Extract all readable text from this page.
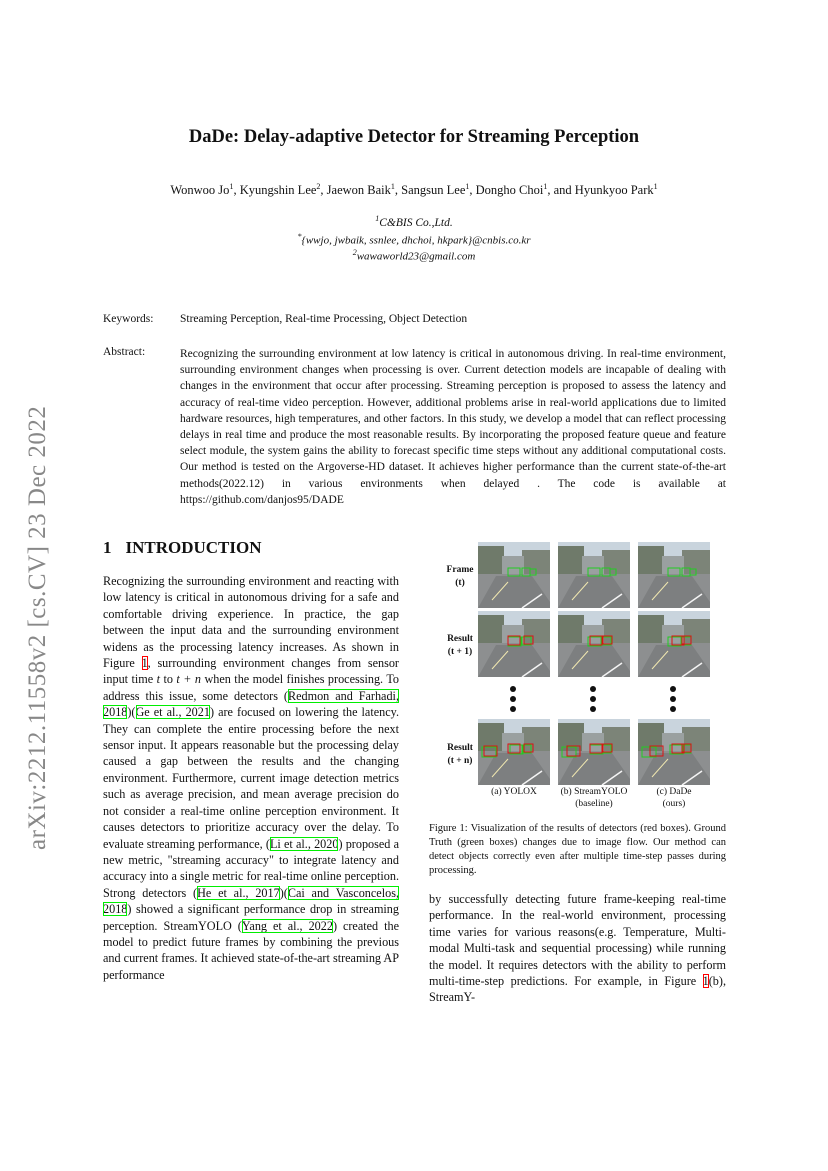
arXiv:2212.11558v2 [cs.CV] 23 Dec 2022
DaDe: Delay-adaptive Detector for Streaming Perception
Wonwoo Jo$^1$, Kyungshin Lee$^2$, Jaewon Baik$^1$, Sangsun Lee$^1$, Dongho Choi$^1$, and Hyunkyoo Park$^1$
$^1$C&BIS Co.,Ltd.
*{wwjo, jwbaik, ssnlee, dhchoi, hkpark}@cnbis.co.kr
$^2$wawaworld23@gmail.com
Keywords: Streaming Perception, Real-time Processing, Object Detection
Abstract:	Recognizing the surrounding environment at low latency is critical in autonomous driving. In real-time environment, surrounding environment changes when processing is over. Current detection models are incapable of dealing with changes in the environment that occur after processing. Streaming perception is proposed to assess the latency and accuracy of real-time video perception. However, additional problems arise in real-world applications due to limited hardware resources, high temperatures, and other factors. In this study, we develop a model that can reflect processing delays in real time and produce the most reasonable results. By incorporating the proposed feature queue and feature select module, the system gains the ability to forecast specific time steps without any additional computational costs. Our method is tested on the Argoverse-HD dataset. It achieves higher performance than the current state-of-the-art methods(2022.12) in various environments when delayed . The code is available at https://github.com/danjos95/DADE
1 INTRODUCTION
Recognizing the surrounding environment and reacting with low latency is critical in autonomous driving for a safe and comfortable driving experience. In practice, the gap between the input data and the surrounding environment widens as the processing latency increases. As shown in Figure 1, surrounding environment changes from sensor input time t to t + n when the model finishes processing. To address this issue, some detectors (Redmon and Farhadi, 2018)(Ge et al., 2021) are focused on lowering the latency. They can complete the entire processing before the next sensor input. It appears reasonable but the processing delay caused a gap between the results and the changing environment. Furthermore, current image detection metrics such as average precision, and mean average precision do not consider a real-time online perception environment. It causes detectors to prioritize accuracy over the delay. To evaluate streaming performance, (Li et al., 2020) proposed a new metric, "streaming accuracy" to integrate latency and accuracy into a single metric for real-time online perception. Strong detectors (He et al., 2017)(Cai and Vasconcelos, 2018) showed a significant performance drop in streaming perception. StreamYOLO (Yang et al., 2022) created the model to predict future frames by combining the previous and current frames. It achieved state-of-the-art streaming AP performance
Frame
(t)
Result
(t + 1)
Result
(t + n)
(a) YOLOX	(b) StreamYOLO
(baseline)
(c) DaDe
(ours)
Figure 1: Visualization of the results of detectors (red boxes). Ground Truth (green boxes) changes due to image flow. Our method can detect objects correctly even after multiple time-step passes during processing.
by successfully detecting future frame-keeping real-time performance. In the real-world environment, processing time varies for various reasons(e.g. Temperature, Multi-modal Multi-task and sequential processing) while running the model. It requires detectors with the ability to perform multi-time-step predictions. For example, in Figure 1(b), StreamY-
